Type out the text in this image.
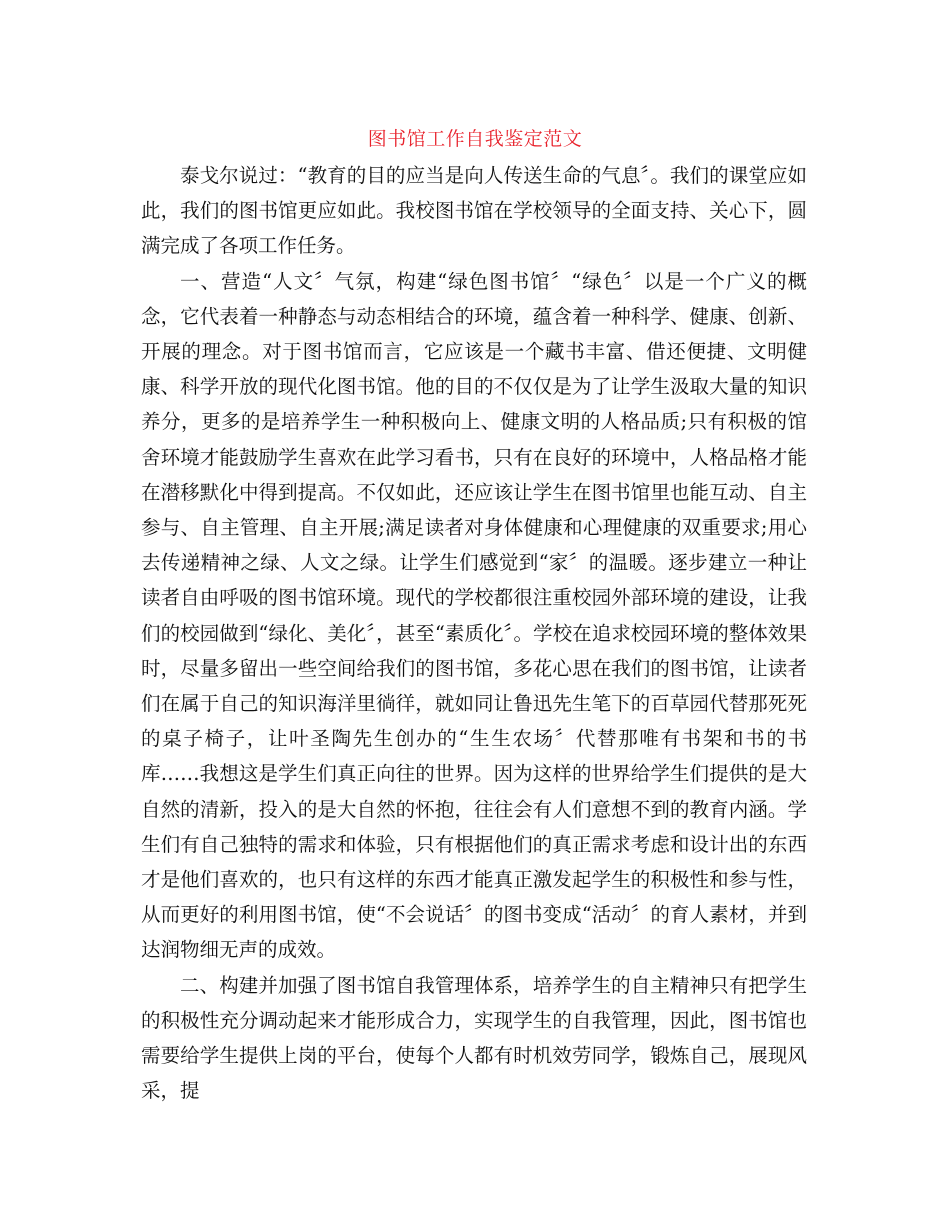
图书馆工作自我鉴定范文

泰戈尔说过：“教育的目的应当是向人传送生命的气息〞。我们的课堂应如此，我们的图书馆更应如此。我校图书馆在学校领导的全面支持、关心下，圆满完成了各项工作任务。

一、营造“人文〞气氛，构建“绿色图书馆〞“绿色〞以是一个广义的概念，它代表着一种静态与动态相结合的环境，蕴含着一种科学、健康、创新、开展的理念。对于图书馆而言，它应该是一个藏书丰富、借还便捷、文明健康、科学开放的现代化图书馆。他的目的不仅仅是为了让学生汲取大量的知识养分，更多的是培养学生一种积极向上、健康文明的人格品质;只有积极的馆舍环境才能鼓励学生喜欢在此学习看书，只有在良好的环境中，人格品格才能在潜移默化中得到提高。不仅如此，还应该让学生在图书馆里也能互动、自主参与、自主管理、自主开展;满足读者对身体健康和心理健康的双重要求;用心去传递精神之绿、人文之绿。让学生们感觉到“家〞的温暖。逐步建立一种让读者自由呼吸的图书馆环境。现代的学校都很注重校园外部环境的建设，让我们的校园做到“绿化、美化〞，甚至“素质化〞。学校在追求校园环境的整体效果时，尽量多留出一些空间给我们的图书馆，多花心思在我们的图书馆，让读者们在属于自己的知识海洋里徜徉，就如同让鲁迅先生笔下的百草园代替那死死的桌子椅子，让叶圣陶先生创办的“生生农场〞代替那唯有书架和书的书库……我想这是学生们真正向往的世界。因为这样的世界给学生们提供的是大自然的清新，投入的是大自然的怀抱，往往会有人们意想不到的教育内涵。学生们有自己独特的需求和体验，只有根据他们的真正需求考虑和设计出的东西才是他们喜欢的，也只有这样的东西才能真正激发起学生的积极性和参与性，从而更好的利用图书馆，使“不会说话〞的图书变成“活动〞的育人素材，并到达润物细无声的成效。

二、构建并加强了图书馆自我管理体系，培养学生的自主精神只有把学生的积极性充分调动起来才能形成合力，实现学生的自我管理，因此，图书馆也需要给学生提供上岗的平台，使每个人都有时机效劳同学，锻炼自己，展现风采，提
